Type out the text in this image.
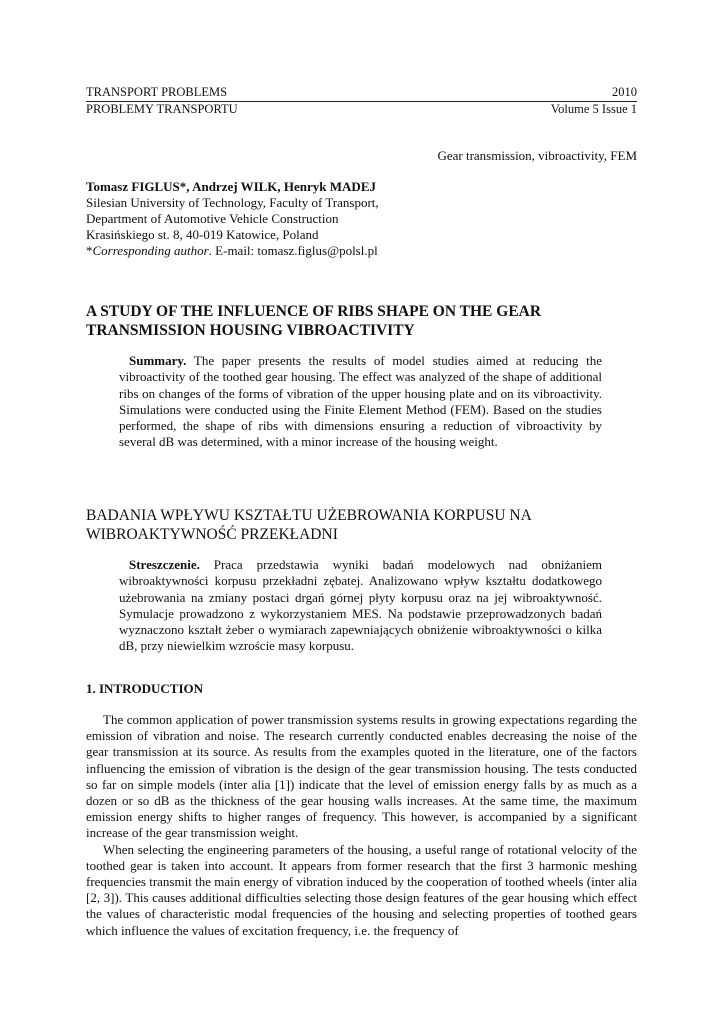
TRANSPORT PROBLEMS	2010
PROBLEMY TRANSPORTU	Volume 5 Issue 1
Gear transmission, vibroactivity, FEM
Tomasz FIGLUS*, Andrzej WILK, Henryk MADEJ
Silesian University of Technology, Faculty of Transport,
Department of Automotive Vehicle Construction
Krasińskiego st. 8, 40-019 Katowice, Poland
*Corresponding author. E-mail: tomasz.figlus@polsl.pl
A STUDY OF THE INFLUENCE OF RIBS SHAPE ON THE GEAR TRANSMISSION HOUSING VIBROACTIVITY
Summary. The paper presents the results of model studies aimed at reducing the vibroactivity of the toothed gear housing. The effect was analyzed of the shape of additional ribs on changes of the forms of vibration of the upper housing plate and on its vibroactivity. Simulations were conducted using the Finite Element Method (FEM). Based on the studies performed, the shape of ribs with dimensions ensuring a reduction of vibroactivity by several dB was determined, with a minor increase of the housing weight.
BADANIA WPŁYWU KSZTAŁTU UŻEBROWANIA KORPUSU NA WIBROAKTYWNOŚĆ PRZEKŁADNI
Streszczenie. Praca przedstawia wyniki badań modelowych nad obniżaniem wibroaktywności korpusu przekładni zębatej. Analizowano wpływ kształtu dodatkowego użebrowania na zmiany postaci drgań górnej płyty korpusu oraz na jej wibroaktywność. Symulacje prowadzono z wykorzystaniem MES. Na podstawie przeprowadzonych badań wyznaczono kształt żeber o wymiarach zapewniających obniżenie wibroaktywności o kilka dB, przy niewielkim wzroście masy korpusu.
1. INTRODUCTION

The common application of power transmission systems results in growing expectations regarding the emission of vibration and noise. The research currently conducted enables decreasing the noise of the gear transmission at its source. As results from the examples quoted in the literature, one of the factors influencing the emission of vibration is the design of the gear transmission housing. The tests conducted so far on simple models (inter alia [1]) indicate that the level of emission energy falls by as much as a dozen or so dB as the thickness of the gear housing walls increases. At the same time, the maximum emission energy shifts to higher ranges of frequency. This however, is accompanied by a significant increase of the gear transmission weight.

When selecting the engineering parameters of the housing, a useful range of rotational velocity of the toothed gear is taken into account. It appears from former research that the first 3 harmonic meshing frequencies transmit the main energy of vibration induced by the cooperation of toothed wheels (inter alia [2, 3]). This causes additional difficulties selecting those design features of the gear housing which effect the values of characteristic modal frequencies of the housing and selecting properties of toothed gears which influence the values of excitation frequency, i.e. the frequency of
